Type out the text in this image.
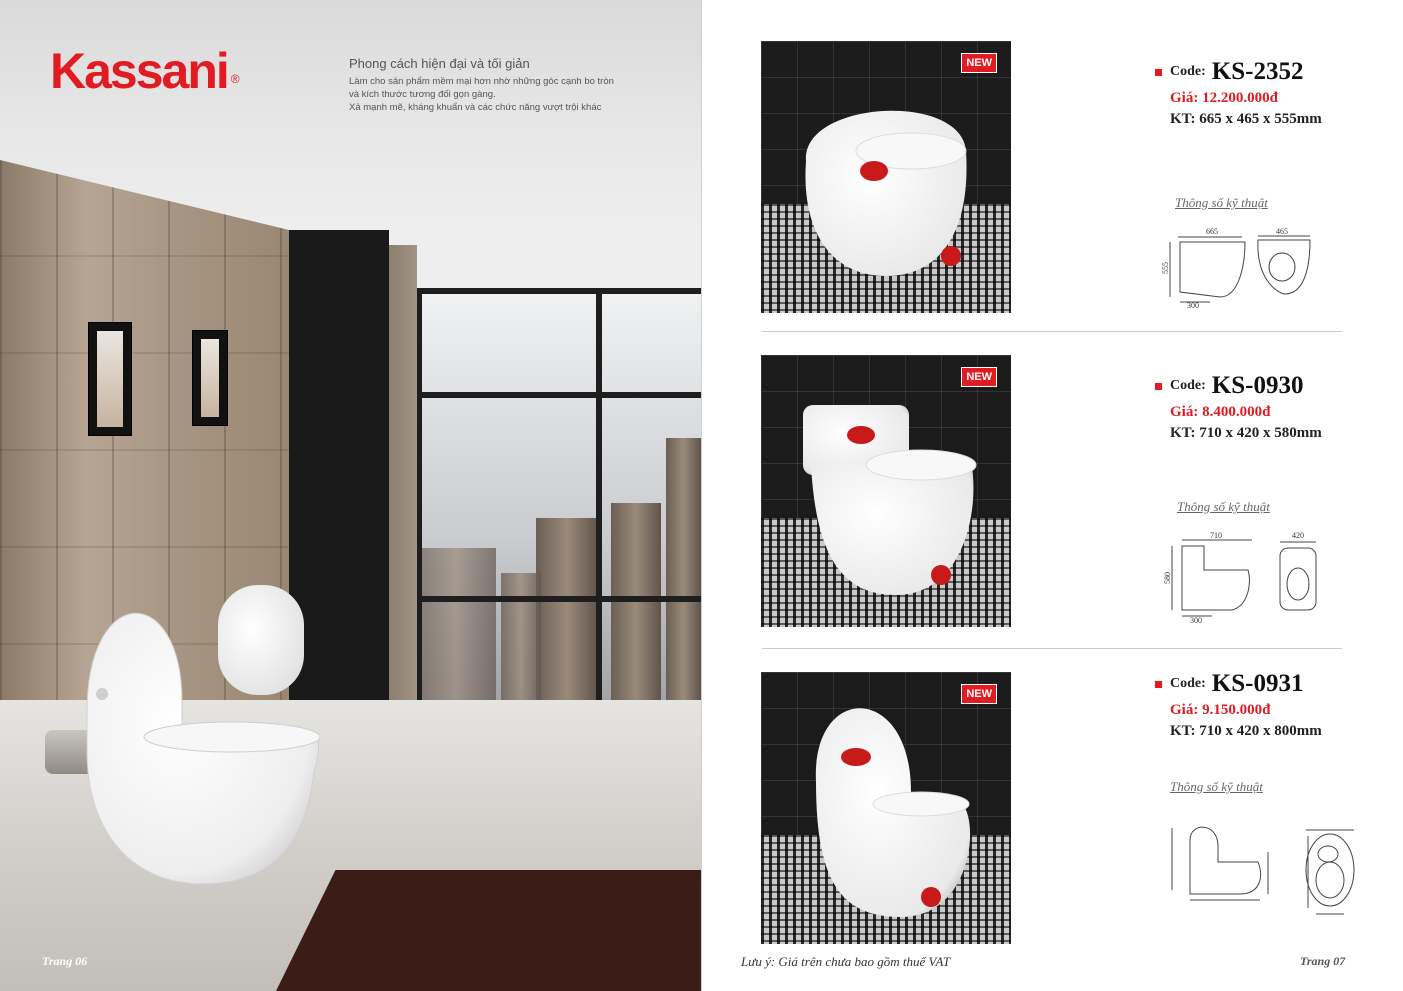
Kassani ®

Phong cách hiện đại và tối giản

Làm cho sản phẩm mềm mại hơn nhờ những góc cạnh bo tròn

và kích thước tương đối gọn gàng.

Xả mạnh mẽ, kháng khuẩn và các chức năng vượt trội khác

Trang 06
NEW
Code: KS-2352
Giá: 12.200.000đ
KT: 665 x 465 x 555mm
Thông số kỹ thuật
665	465
555
300
NEW
Code: KS-0930
Giá: 8.400.000đ
KT: 710 x 420 x 580mm
Thông số kỹ thuật
710	420
580
300
NEW
Code: KS-0931
Giá: 9.150.000đ
KT: 710 x 420 x 800mm
Thông số kỹ thuật
Lưu ý: Giá trên chưa bao gồm thuế VAT	Trang 07
